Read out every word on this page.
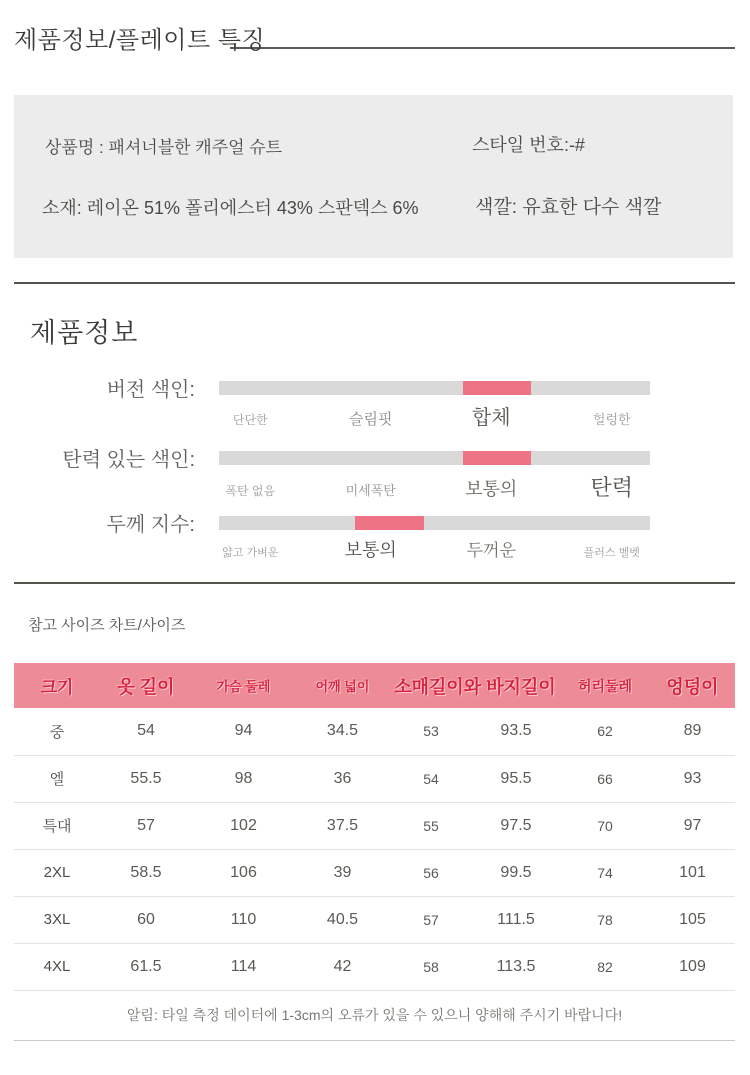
제품정보/플레이트 특징
상품명 : 패셔너블한 캐주얼 슈트	스타일 번호:-#
소재: 레이온 51% 폴리에스터 43% 스판덱스 6%	색깔: 유효한 다수 색깔
제품정보
버전 색인:
단단한	슬림핏	합체	헐렁한
탄력 있는 색인:
폭탄 없음	미세폭탄	보통의	탄력
두께 지수:
얇고 가벼운	보통의	두꺼운	플러스 벨벳
참고 사이즈 차트/사이즈
크기	옷 길이	가슴 둘레	어깨 넓이	소매길이와 바지길이		허리둘레	엉덩이
중	54	94	34.5	53	93.5	62	89
엘	55.5	98	36	54	95.5	66	93
특대	57	102	37.5	55	97.5	70	97
2XL	58.5	106	39	56	99.5	74	101
3XL	60	110	40.5	57	111.5	78	105
4XL	61.5	114	42	58	113.5	82	109
알림: 타일 측정 데이터에 1-3cm의 오류가 있을 수 있으니 양해해 주시기 바랍니다!
